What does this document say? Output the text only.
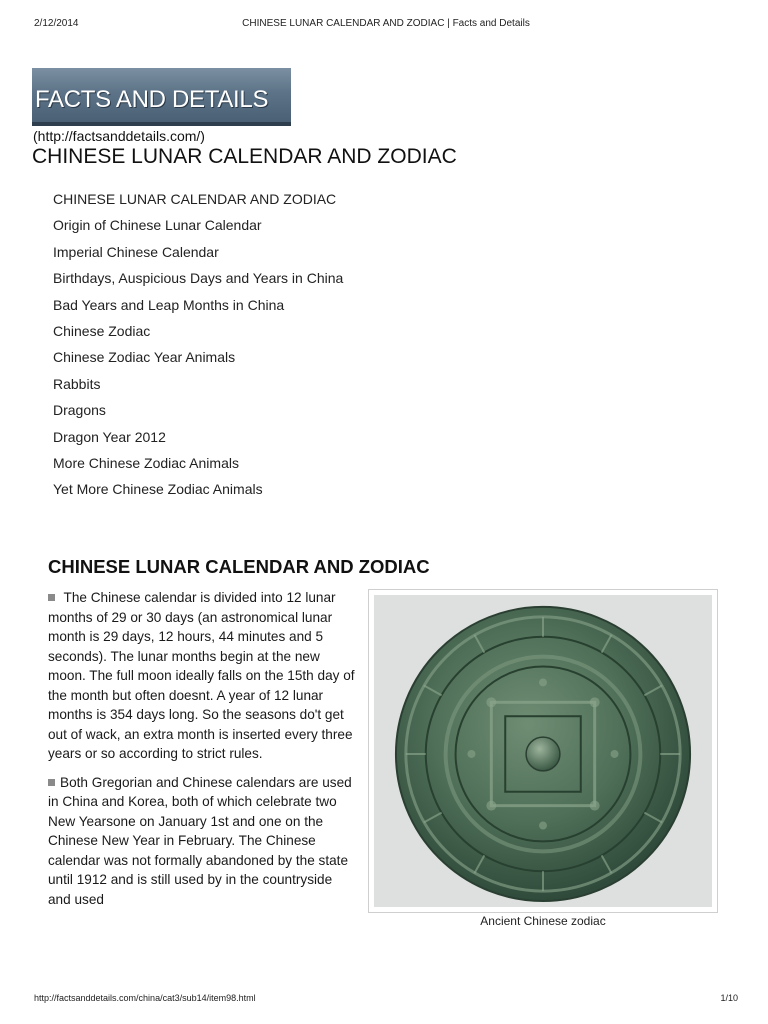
2/12/2014	CHINESE LUNAR CALENDAR AND ZODIAC | Facts and Details
FACTS AND DETAILS
(http://factsanddetails.com/)
CHINESE LUNAR CALENDAR AND ZODIAC
CHINESE LUNAR CALENDAR AND ZODIAC
Origin of Chinese Lunar Calendar
Imperial Chinese Calendar
Birthdays, Auspicious Days and Years in China
Bad Years and Leap Months in China
Chinese Zodiac
Chinese Zodiac Year Animals
Rabbits
Dragons
Dragon Year 2012
More Chinese Zodiac Animals
Yet More Chinese Zodiac Animals
CHINESE LUNAR CALENDAR AND ZODIAC

The Chinese calendar is divided into 12 lunar months of 29 or 30 days (an astronomical lunar month is 29 days, 12 hours, 44 minutes and 5 seconds). The lunar months begin at the new moon. The full moon ideally falls on the 15th day of the month but often doesnt. A year of 12 lunar months is 354 days long. So the seasons do't get out of wack, an extra month is inserted every three years or so according to strict rules.

Both Gregorian and Chinese calendars are used in China and Korea, both of which celebrate two New Yearsone on January 1st and one on the Chinese New Year in February. The Chinese calendar was not formally abandoned by the state until 1912 and is still used by in the countryside and used

Ancient Chinese zodiac
http://factsanddetails.com/china/cat3/sub14/item98.html	1/10
